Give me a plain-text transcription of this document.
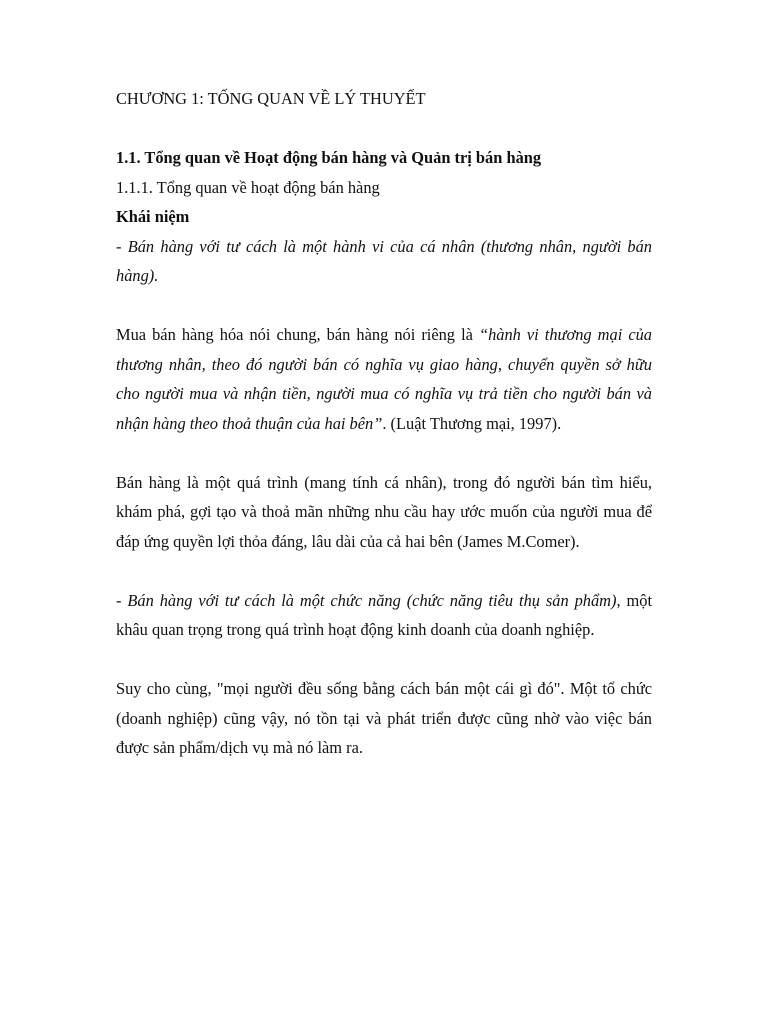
CHƯƠNG 1: TỐNG QUAN VỀ LÝ THUYẾT
1.1. Tổng quan về Hoạt động bán hàng và Quản trị bán hàng
1.1.1. Tổng quan về hoạt động bán hàng
Khái niệm

- Bán hàng với tư cách là một hành vi của cá nhân (thương nhân, người bán hàng).

Mua bán hàng hóa nói chung, bán hàng nói riêng là “hành vi thương mại của thương nhân, theo đó người bán có nghĩa vụ giao hàng, chuyển quyền sở hữu cho người mua và nhận tiền, người mua có nghĩa vụ trả tiền cho người bán và nhận hàng theo thoả thuận của hai bên”. (Luật Thương mại, 1997).

Bán hàng là một quá trình (mang tính cá nhân), trong đó người bán tìm hiểu, khám phá, gợi tạo và thoả mãn những nhu cầu hay ước muốn của người mua để đáp ứng quyền lợi thỏa đáng, lâu dài của cả hai bên (James M.Comer).

- Bán hàng với tư cách là một chức năng (chức năng tiêu thụ sản phẩm), một khâu quan trọng trong quá trình hoạt động kinh doanh của doanh nghiệp.

Suy cho cùng, "mọi người đều sống bằng cách bán một cái gì đó". Một tổ chức (doanh nghiệp) cũng vậy, nó tồn tại và phát triển được cũng nhờ vào việc bán được sản phẩm/dịch vụ mà nó làm ra.
